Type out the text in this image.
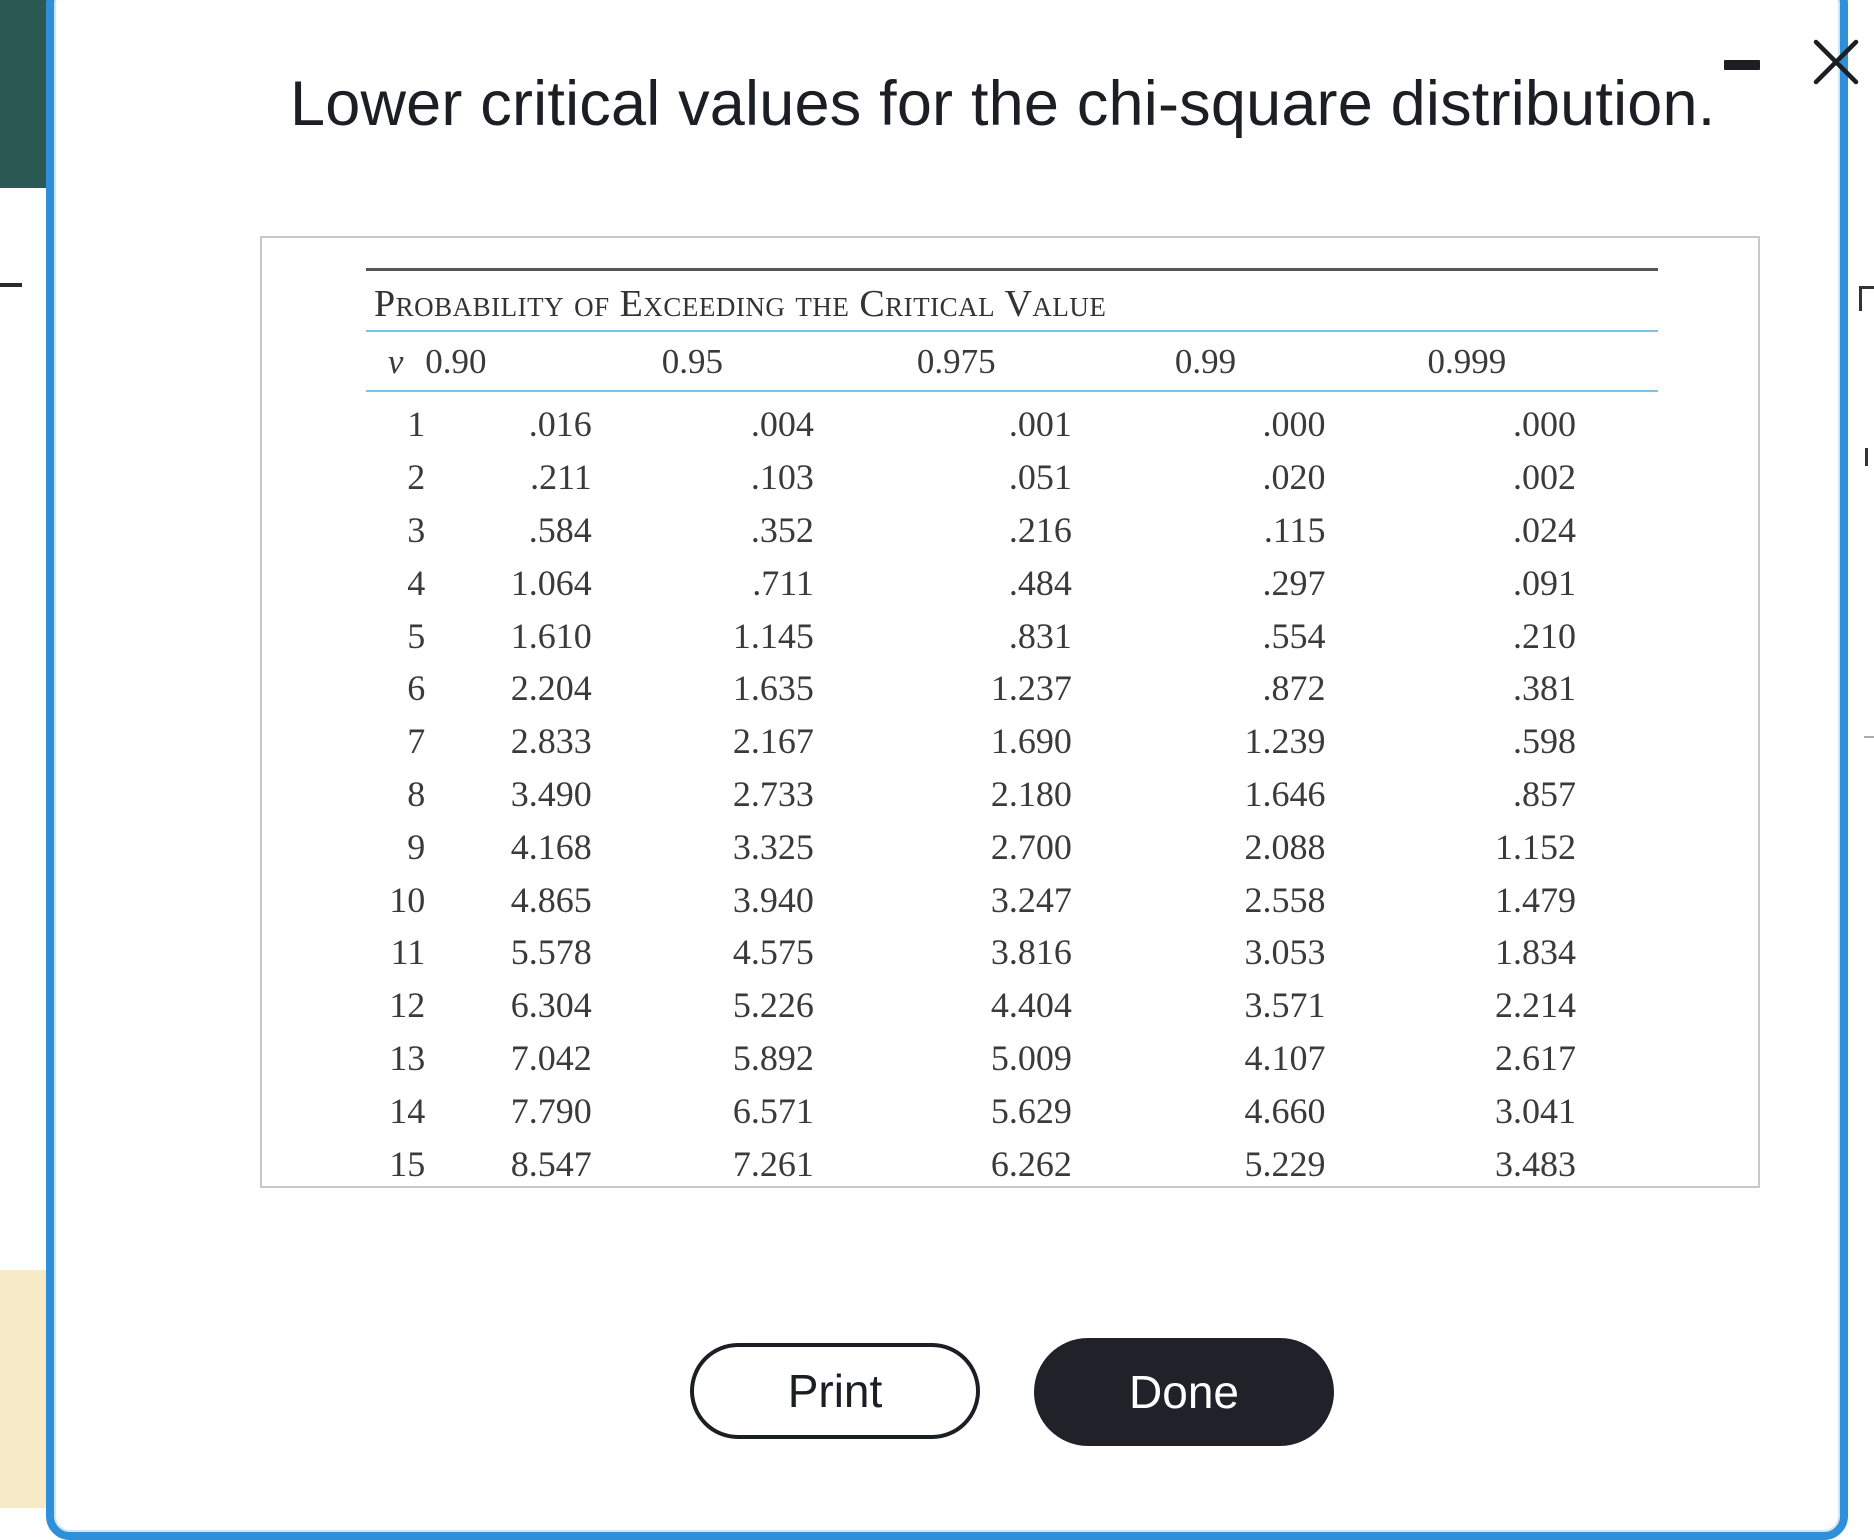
Lower critical values for the chi-square distribution.
Probability of Exceeding the Critical Value
ν	0.90	0.95	0.975	0.99	0.999
1	.016	.004	.001	.000	.000
2	.211	.103	.051	.020	.002
3	.584	.352	.216	.115	.024
4	1.064	.711	.484	.297	.091
5	1.610	1.145	.831	.554	.210
6	2.204	1.635	1.237	.872	.381
7	2.833	2.167	1.690	1.239	.598
8	3.490	2.733	2.180	1.646	.857
9	4.168	3.325	2.700	2.088	1.152
10	4.865	3.940	3.247	2.558	1.479
11	5.578	4.575	3.816	3.053	1.834
12	6.304	5.226	4.404	3.571	2.214
13	7.042	5.892	5.009	4.107	2.617
14	7.790	6.571	5.629	4.660	3.041
15	8.547	7.261	6.262	5.229	3.483
Print	Done
